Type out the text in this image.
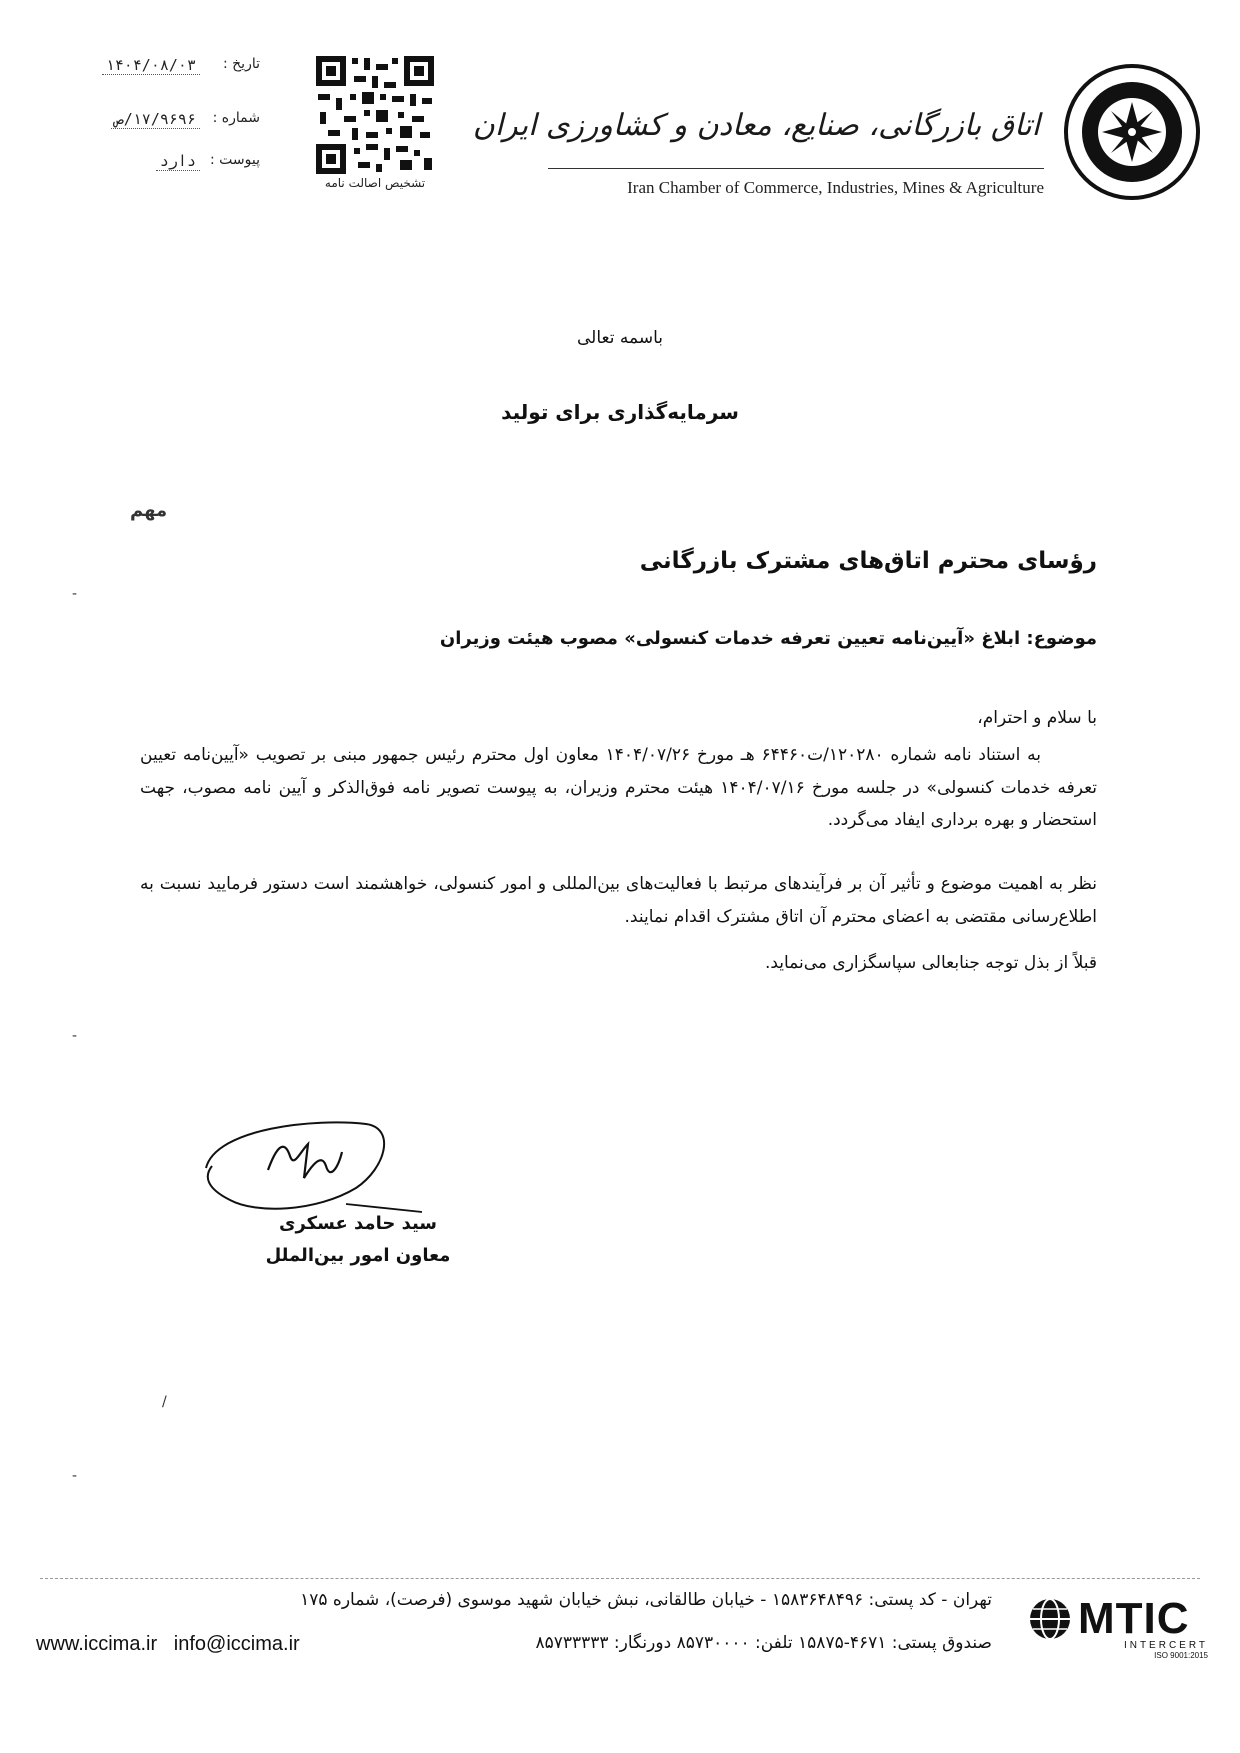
اتاق بازرگانی، صنایع، معادن و کشاورزی ایران
Iran Chamber of Commerce, Industries, Mines & Agriculture
تشخیص اصالت نامه
تاریخ :
۱۴۰۴/۰۸/۰۳
شماره :
۱۷/۹۶۹۶/ص
پیوست :
دارد
باسمه تعالی
سرمایه‌گذاری برای تولید
مهم
رؤسای محترم اتاق‌های مشترک بازرگانی
موضوع: ابلاغ «آیین‌نامه تعیین تعرفه خدمات کنسولی» مصوب هیئت وزیران
با سلام و احترام،
به استناد نامه شماره ۱۲۰۲۸۰/ت۶۴۴۶۰ هـ مورخ ۱۴۰۴/۰۷/۲۶ معاون اول محترم رئیس جمهور مبنی بر تصویب «آیین‌نامه تعیین تعرفه خدمات کنسولی» در جلسه مورخ ۱۴۰۴/۰۷/۱۶ هیئت محترم وزیران، به پیوست تصویر نامه فوق‌الذکر و آیین نامه مصوب، جهت استحضار و بهره برداری ایفاد می‌گردد.
نظر به اهمیت موضوع و تأثیر آن بر فرآیندهای مرتبط با فعالیت‌های بین‌المللی و امور کنسولی، خواهشمند است دستور فرمایید نسبت به اطلاع‌رسانی مقتضی به اعضای محترم آن اتاق مشترک اقدام نمایند.
قبلاً از بذل توجه جنابعالی سپاسگزاری می‌نماید.
‐
‐
/
‐
سید حامد عسکری
معاون امور بین‌الملل
تهران - کد پستی: ۱۵۸۳۶۴۸۴۹۶ - خیابان طالقانی، نبش خیابان شهید موسوی (فرصت)، شماره ۱۷۵
صندوق پستی: ۴۶۷۱-۱۵۸۷۵ تلفن: ۸۵۷۳۰۰۰۰ دورنگار: ۸۵۷۳۳۳۳۳
www.iccima.ir info@iccima.ir
MTIC
INTERCERT
ISO 9001:2015
